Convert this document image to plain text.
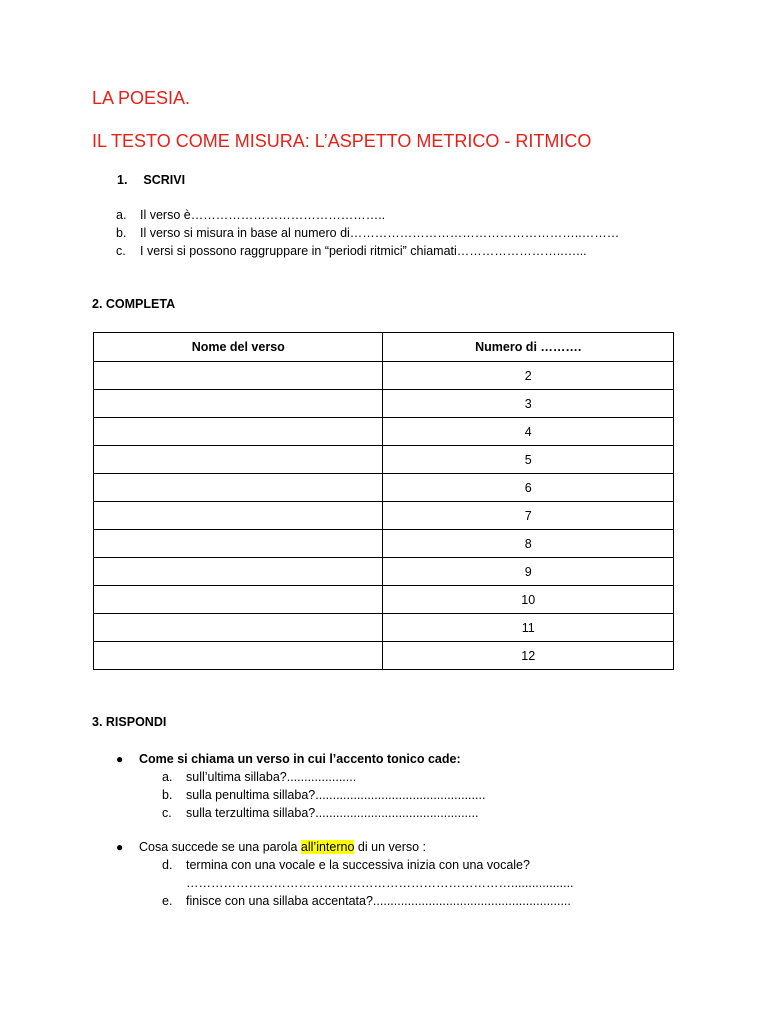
LA POESIA.
IL TESTO COME MISURA: L’ASPETTO METRICO - RITMICO
1. SCRIVI
a. Il verso è………………………………………..
b. Il verso si misura in base al numero di………………………………………………..………
c. I versi si possono raggruppare in “periodi ritmici” chiamati……………………..…...
2. COMPLETA
Nome del verso	Numero di ……….
	2
	3
	4
	5
	6
	7
	8
	9
	10
	11
	12
3. RISPONDI
● Come si chiama un verso in cui l’accento tonico cade:
a. sull’ultima sillaba?....................
b. sulla penultima sillaba?.................................................
c. sulla terzultima sillaba?...............................................
● Cosa succede se una parola all’interno di un verso :
d. termina con una vocale e la successiva inizia con una vocale?
……………………………………………………………………..................
e. finisce con una sillaba accentata?.........................................................
